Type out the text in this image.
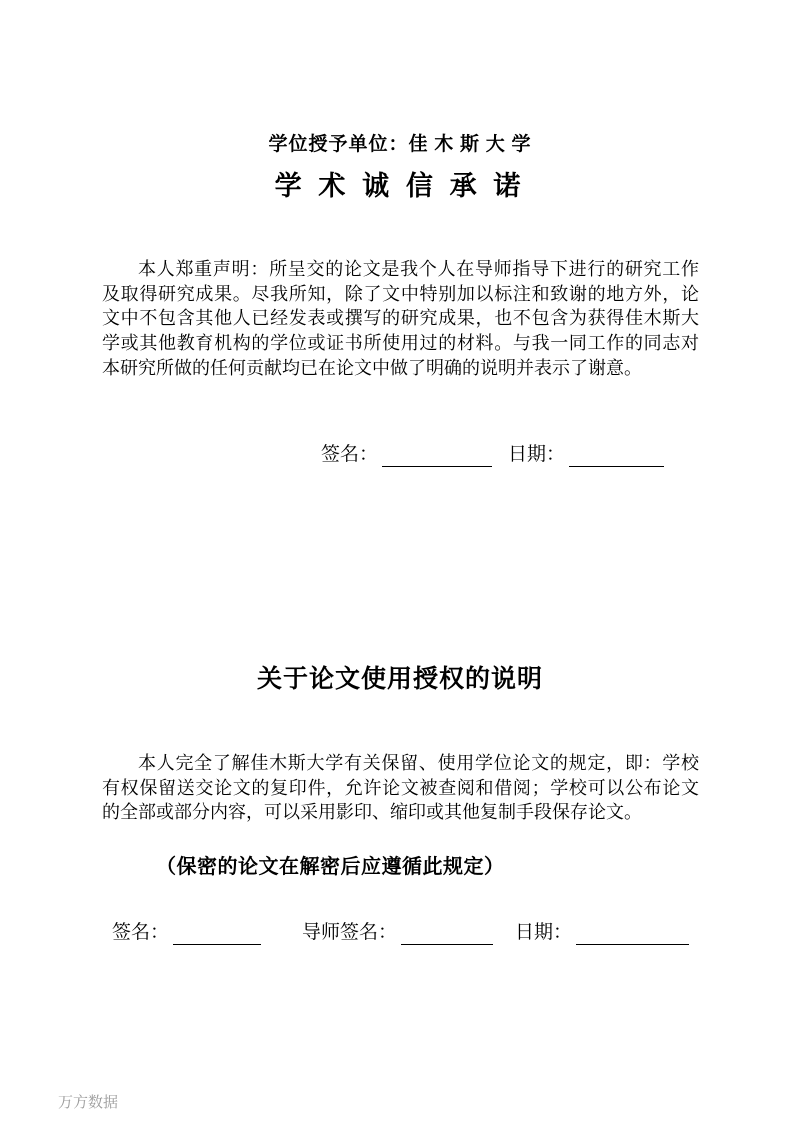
学位授予单位：佳 木 斯 大 学
学 术 诚 信 承 诺
本人郑重声明：所呈交的论文是我个人在导师指导下进行的研究工作
及取得研究成果。尽我所知，除了文中特别加以标注和致谢的地方外，论
文中不包含其他人已经发表或撰写的研究成果，也不包含为获得佳木斯大
学或其他教育机构的学位或证书所使用过的材料。与我一同工作的同志对
本研究所做的任何贡献均已在论文中做了明确的说明并表示了谢意。
签名：	日期：
关于论文使用授权的说明
本人完全了解佳木斯大学有关保留、使用学位论文的规定，即：学校
有权保留送交论文的复印件，允许论文被查阅和借阅；学校可以公布论文
的全部或部分内容，可以采用影印、缩印或其他复制手段保存论文。
（保密的论文在解密后应遵循此规定）
签名：	导师签名：	日期：
万方数据
